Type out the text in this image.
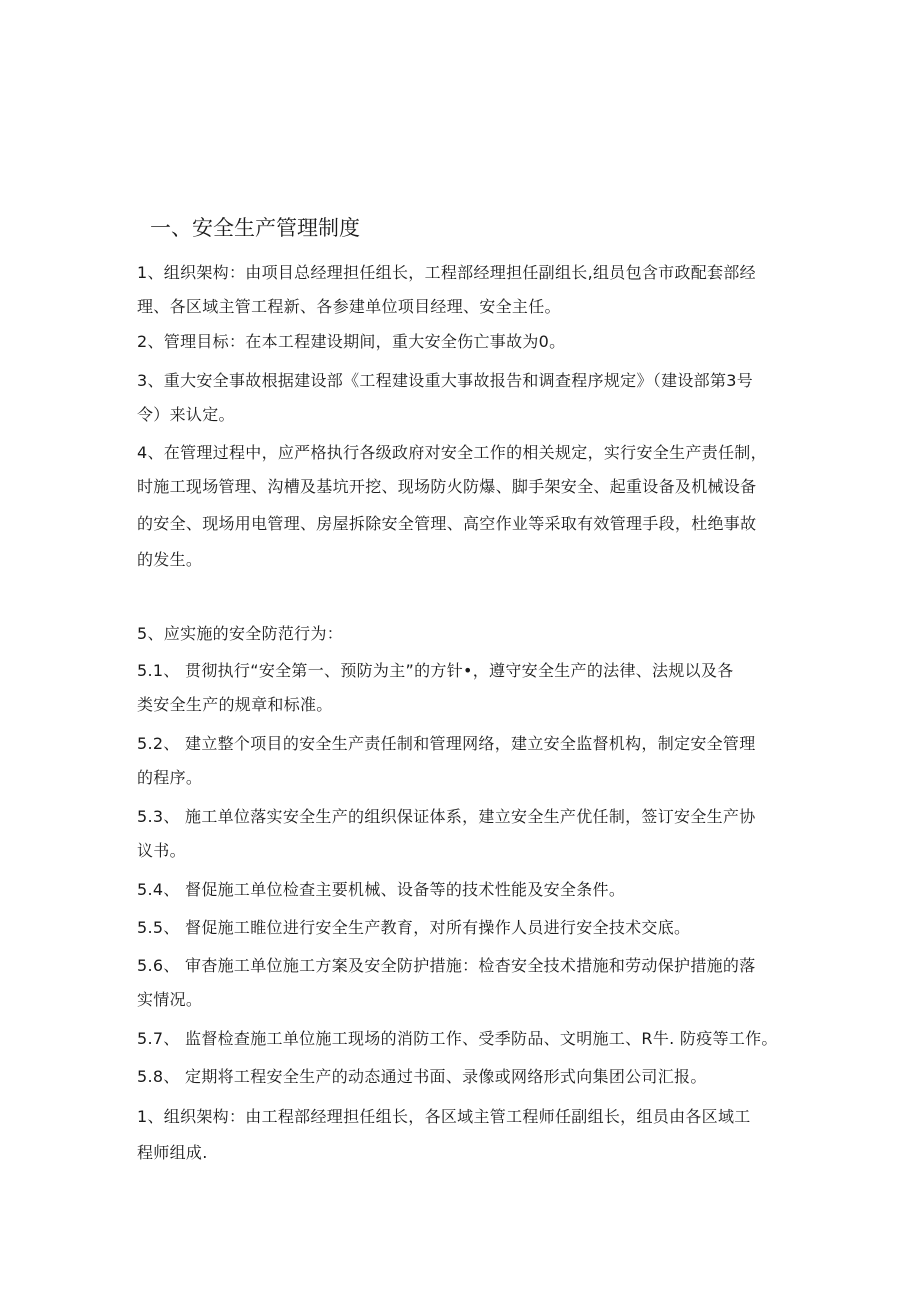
一、安全生产管理制度
1、组织架构：由项目总经理担任组长，工程部经理担任副组长,组员包含市政配套部经
理、各区域主管工程新、各参建单位项目经理、安全主任。
2、管理目标：在本工程建设期间，重大安全伤亡事故为0。
3、重大安全事故根据建设部《工程建设重大事故报告和调查程序规定》（建设部第3号
令）来认定。
4、在管理过程中，应严格执行各级政府对安全工作的相关规定，实行安全生产责任制，
时施工现场管理、沟槽及基坑开挖、现场防火防爆、脚手架安全、起重设备及机械设备
的安全、现场用电管理、房屋拆除安全管理、高空作业等采取有效管理手段，杜绝事故
的发生。
5、应实施的安全防范行为：
5.1、 贯彻执行“安全第一、预防为主”的方针•，遵守安全生产的法律、法规以及各
类安全生产的规章和标准。
5.2、 建立整个项目的安全生产责任制和管理网络，建立安全监督机构，制定安全管理
的程序。
5.3、 施工单位落实安全生产的组织保证体系，建立安全生产优任制，签订安全生产协
议书。
5.4、 督促施工单位检查主要机械、设备等的技术性能及安全条件。
5.5、 督促施工睢位进行安全生产教育，对所有操作人员进行安全技术交底。
5.6、 审杳施工单位施工方案及安全防护措施：检杳安全技术措施和劳动保护措施的落
实情况。
5.7、 监督检查施工单位施工现场的消防工作、受季防品、文明施工、R牛. 防疫等工作。
5.8、 定期将工程安全生产的动态通过书面、录像或网络形式向集团公司汇报。
1、组织架构：由工程部经理担任组长，各区域主管工程师任副组长，组员由各区域工
程师组成.
